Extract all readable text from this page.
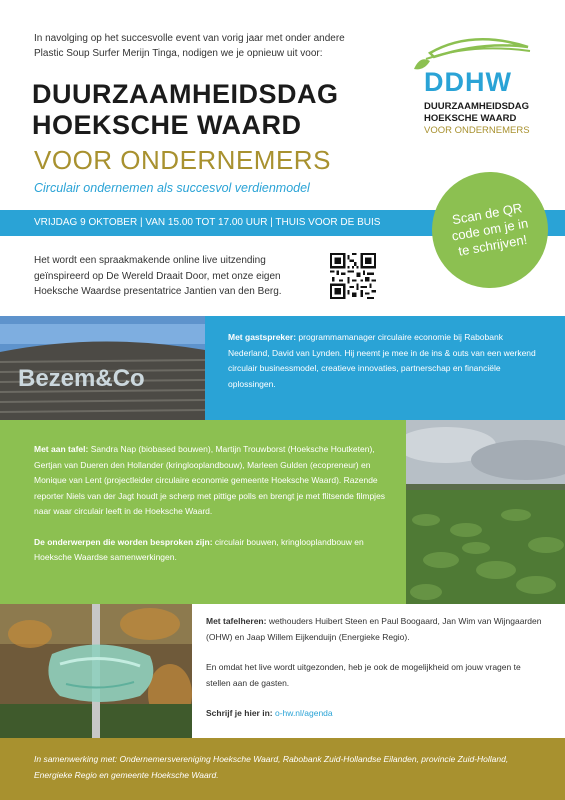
In navolging op het succesvolle event van vorig jaar met onder andere
Plastic Soup Surfer Merijn Tinga, nodigen we je opnieuw uit voor:
DUURZAAMHEIDSDAG
HOEKSCHE WAARD
VOOR ONDERNEMERS
Circulair ondernemen als succesvol verdienmodel
DDHW
DUURZAAMHEIDSDAG
HOEKSCHE WAARD
VOOR ONDERNEMERS
VRIJDAG 9 OKTOBER | VAN 15.00 TOT 17.00 UUR | THUIS VOOR DE BUIS	Scan de QR code om je in te schrijven!
Het wordt een spraakmakende online live uitzending
geïnspireerd op De Wereld Draait Door, met onze eigen
Hoeksche Waardse presentatrice Jantien van den Berg.
Bezem&Co
Met gastspreker: programmamanager circulaire economie bij Rabobank Nederland, David van Lynden. Hij neemt je mee in de ins & outs van een werkend circulair businessmodel, creatieve innovaties, partnerschap en financiële oplossingen.

Met aan tafel: Sandra Nap (biobased bouwen), Martijn Trouwborst (Hoeksche Houtketen), Gertjan van Dueren den Hollander (kringlooplandbouw), Marleen Gulden (ecopreneur) en Monique van Lent (projectleider circulaire economie gemeente Hoeksche Waard). Razende reporter Niels van der Jagt houdt je scherp met pittige polls en brengt je met flitsende filmpjes naar waar circulair leeft in de Hoeksche Waard.

De onderwerpen die worden besproken zijn: circulair bouwen, kringlooplandbouw en Hoeksche Waardse samenwerkingen.

Met tafelheren: wethouders Huibert Steen en Paul Boogaard, Jan Wim van Wijngaarden (OHW) en Jaap Willem Eijkenduijn (Energieke Regio).

En omdat het live wordt uitgezonden, heb je ook de mogelijkheid om jouw vragen te stellen aan de gasten.

Schrijf je hier in: o-hw.nl/agenda

In samenwerking met: Ondernemersvereniging Hoeksche Waard, Rabobank Zuid-Hollandse Eilanden, provincie Zuid-Holland, Energieke Regio en gemeente Hoeksche Waard.
